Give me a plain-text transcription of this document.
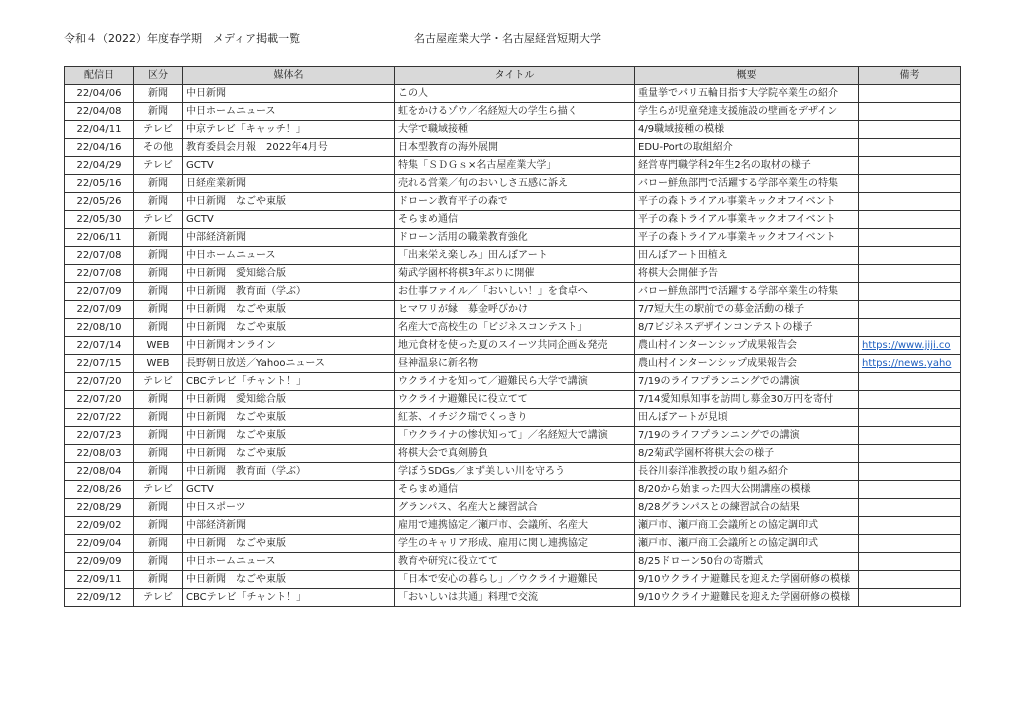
令和４（2022）年度春学期　メディア掲載一覧	名古屋産業大学・名古屋経営短期大学
配信日	区分	媒体名	タイトル	概要	備考
22/04/06	新聞	中日新聞	この人	重量挙でパリ五輪目指す大学院卒業生の紹介	
22/04/08	新聞	中日ホームニュース	虹をかけるゾウ／名経短大の学生ら描く	学生らが児童発達支援施設の壁画をデザイン	
22/04/11	テレビ	中京テレビ「キャッチ！」	大学で職域接種	4/9職域接種の模様	
22/04/16	その他	教育委員会月報　2022年4月号	日本型教育の海外展開	EDU-Portの取組紹介	
22/04/29	テレビ	GCTV	特集「ＳＤＧｓ×名古屋産業大学」	経営専門職学科2年生2名の取材の様子	
22/05/16	新聞	日経産業新聞	売れる営業／旬のおいしさ五感に訴え	バロー鮮魚部門で活躍する学部卒業生の特集	
22/05/26	新聞	中日新聞　なごや東版	ドローン教育平子の森で	平子の森トライアル事業キックオフイベント	
22/05/30	テレビ	GCTV	そらまめ通信	平子の森トライアル事業キックオフイベント	
22/06/11	新聞	中部経済新聞	ドローン活用の職業教育強化	平子の森トライアル事業キックオフイベント	
22/07/08	新聞	中日ホームニュース	「出来栄え楽しみ」田んぼアート	田んぼアート田植え	
22/07/08	新聞	中日新聞　愛知総合版	菊武学園杯将棋3年ぶりに開催	将棋大会開催予告	
22/07/09	新聞	中日新聞　教育面（学ぶ）	お仕事ファイル／「おいしい！」を食卓へ	バロー鮮魚部門で活躍する学部卒業生の特集	
22/07/09	新聞	中日新聞　なごや東版	ヒマワリが縁　募金呼びかけ	7/7短大生の駅前での募金活動の様子	
22/08/10	新聞	中日新聞　なごや東版	名産大で高校生の「ビジネスコンテスト」	8/7ビジネスデザインコンテストの様子	
22/07/14	WEB	中日新聞オンライン	地元食材を使った夏のスイーツ共同企画＆発売	農山村インターンシップ成果報告会	https://www.jiji.co
22/07/15	WEB	長野朝日放送／Yahooニュース	昼神温泉に新名物	農山村インターンシップ成果報告会	https://news.yaho
22/07/20	テレビ	CBCテレビ「チャント！」	ウクライナを知って／避難民ら大学で講演	7/19のライフプランニングでの講演	
22/07/20	新聞	中日新聞　愛知総合版	ウクライナ避難民に役立てて	7/14愛知県知事を訪問し募金30万円を寄付	
22/07/22	新聞	中日新聞　なごや東版	紅茶、イチジク瑞でくっきり	田んぼアートが見頃	
22/07/23	新聞	中日新聞　なごや東版	「ウクライナの惨状知って」／名経短大で講演	7/19のライフプランニングでの講演	
22/08/03	新聞	中日新聞　なごや東版	将棋大会で真剣勝負	8/2菊武学園杯将棋大会の様子	
22/08/04	新聞	中日新聞　教育面（学ぶ）	学ぼうSDGs／まず美しい川を守ろう	長谷川泰洋准教授の取り組み紹介	
22/08/26	テレビ	GCTV	そらまめ通信	8/20から始まった四大公開講座の模様	
22/08/29	新聞	中日スポーツ	グランパス、名産大と練習試合	8/28グランパスとの練習試合の結果	
22/09/02	新聞	中部経済新聞	雇用で連携協定／瀬戸市、会議所、名産大	瀬戸市、瀬戸商工会議所との協定調印式	
22/09/04	新聞	中日新聞　なごや東版	学生のキャリア形成、雇用に関し連携協定	瀬戸市、瀬戸商工会議所との協定調印式	
22/09/09	新聞	中日ホームニュース	教育や研究に役立てて	8/25ドローン50台の寄贈式	
22/09/11	新聞	中日新聞　なごや東版	「日本で安心の暮らし」／ウクライナ避難民	9/10ウクライナ避難民を迎えた学園研修の模様	
22/09/12	テレビ	CBCテレビ「チャント！」	「おいしいは共通」料理で交流	9/10ウクライナ避難民を迎えた学園研修の模様	
